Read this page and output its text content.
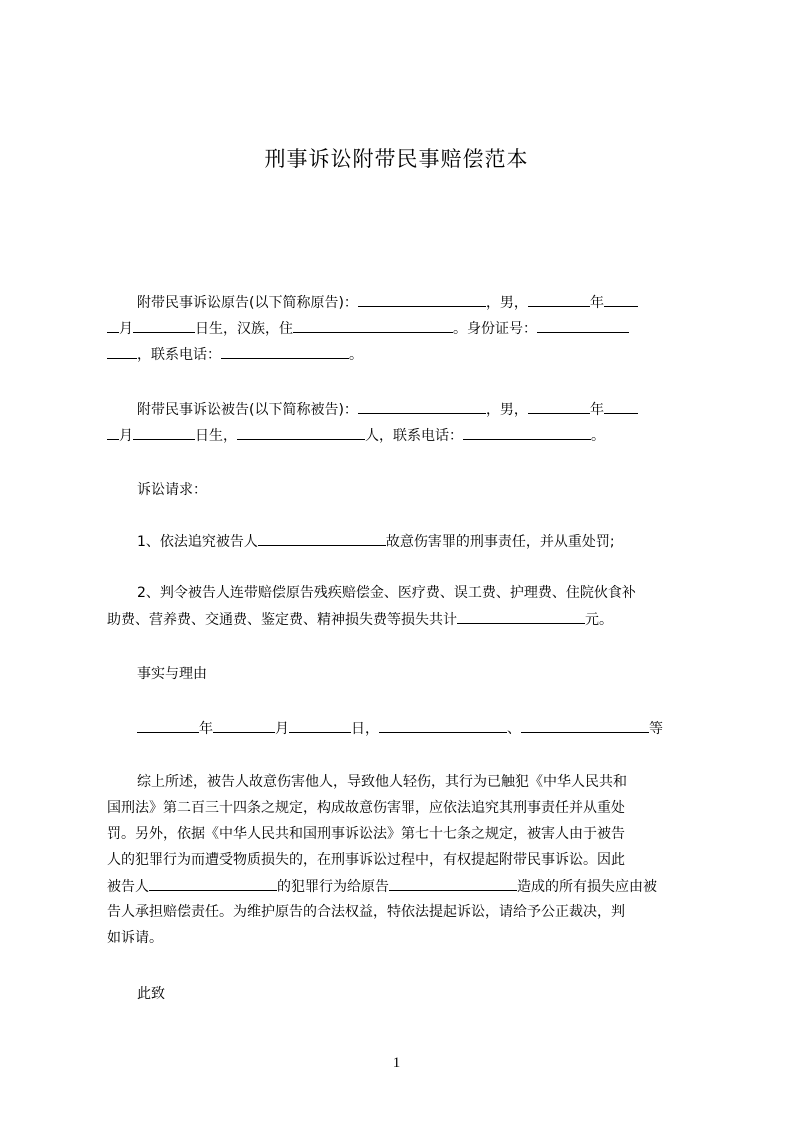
刑事诉讼附带民事赔偿范本
附带民事诉讼原告(以下简称原告)：	，男，	年
月	日生，汉族，住	。身份证号：
，联系电话：	。
附带民事诉讼被告(以下简称被告)：	，男，	年
月	日生，	人，联系电话：	。
诉讼请求：
1、依法追究被告人	故意伤害罪的刑事责任，并从重处罚;
2、判令被告人连带赔偿原告残疾赔偿金、医疗费、误工费、护理费、住院伙食补
助费、营养费、交通费、鉴定费、精神损失费等损失共计	元。
事实与理由
年	月	日，	、	等
综上所述，被告人故意伤害他人，导致他人轻伤，其行为已触犯《中华人民共和
国刑法》第二百三十四条之规定，构成故意伤害罪，应依法追究其刑事责任并从重处
罚。另外，依据《中华人民共和国刑事诉讼法》第七十七条之规定，被害人由于被告
人的犯罪行为而遭受物质损失的，在刑事诉讼过程中，有权提起附带民事诉讼。因此
被告人	的犯罪行为给原告	造成的所有损失应由被
告人承担赔偿责任。为维护原告的合法权益，特依法提起诉讼，请给予公正裁决，判
如诉请。
此致
1
